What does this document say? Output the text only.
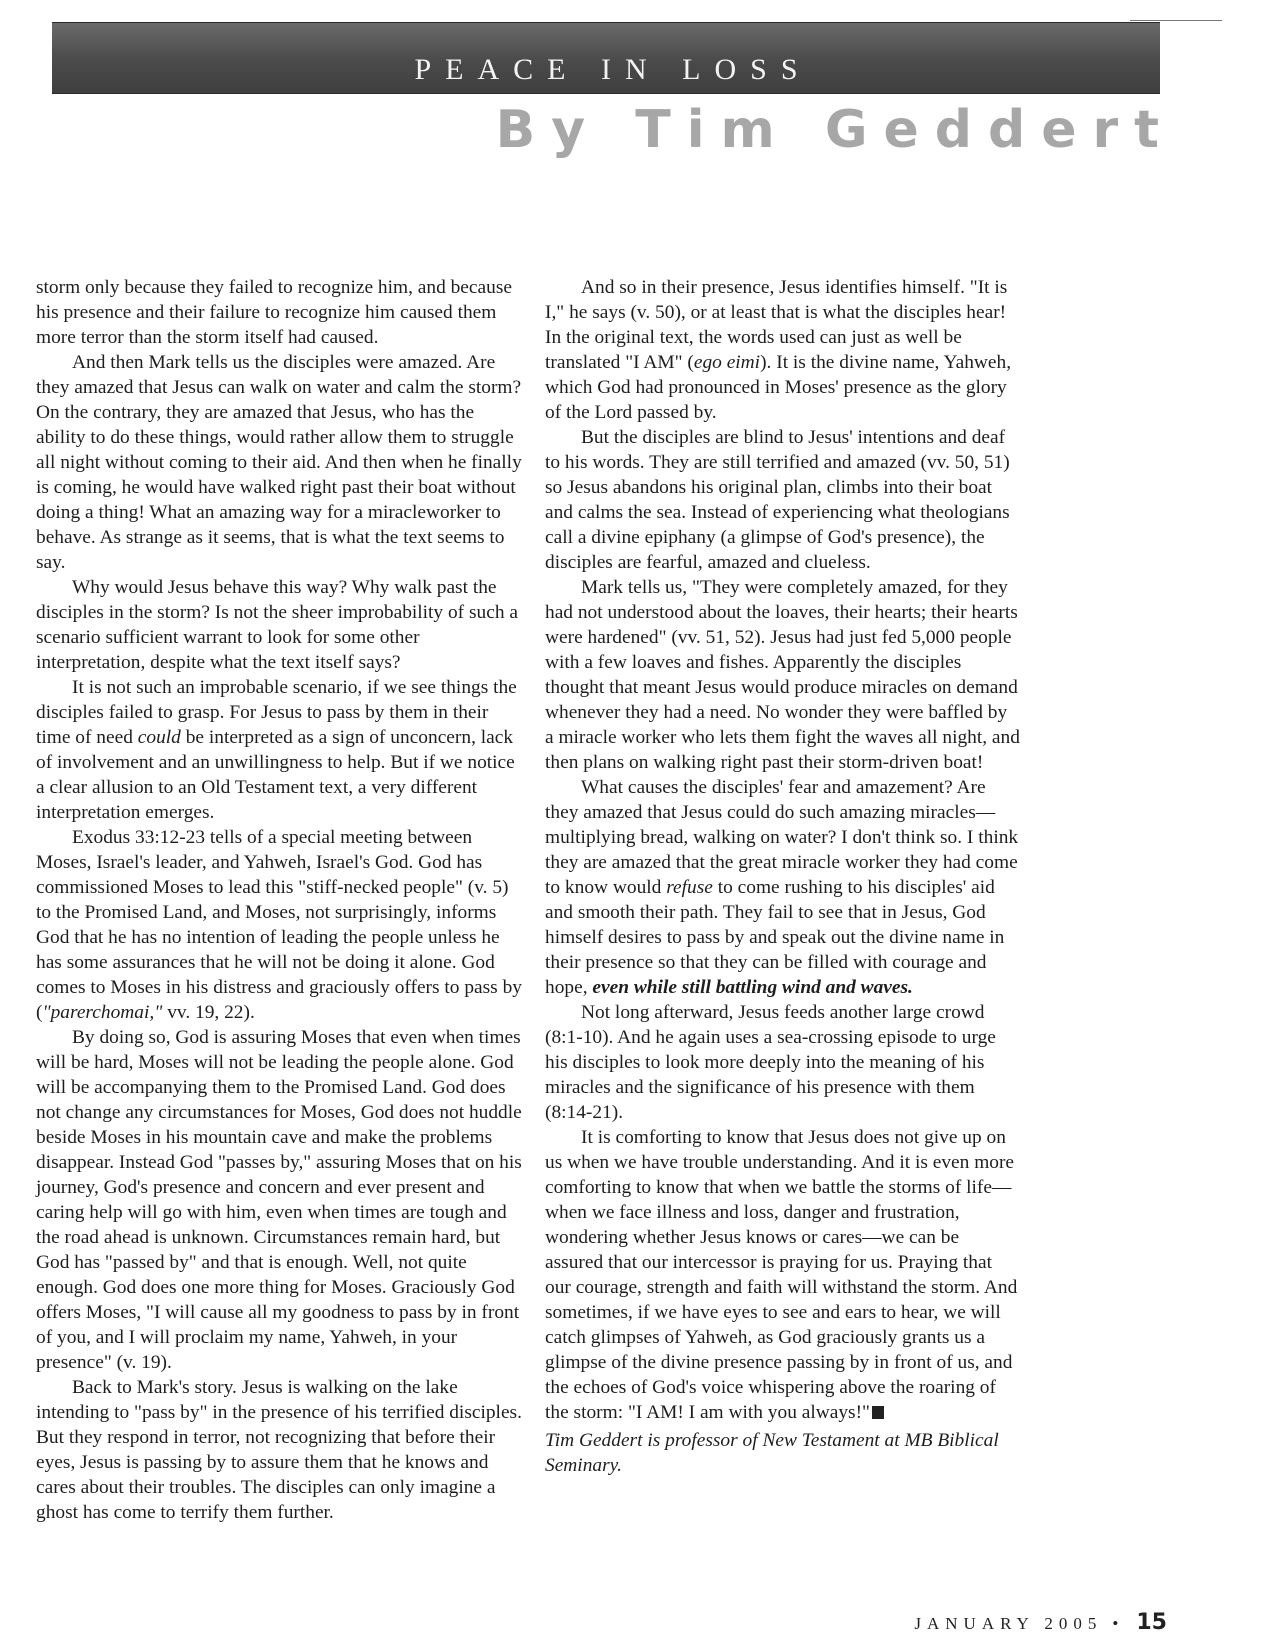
PEACE IN LOSS
By Tim Geddert

storm only because they failed to recognize him, and because his presence and their failure to recognize him caused them more terror than the storm itself had caused.

And then Mark tells us the disciples were amazed. Are they amazed that Jesus can walk on water and calm the storm? On the contrary, they are amazed that Jesus, who has the ability to do these things, would rather allow them to struggle all night without coming to their aid. And then when he finally is coming, he would have walked right past their boat without doing a thing! What an amazing way for a miracleworker to behave. As strange as it seems, that is what the text seems to say.

Why would Jesus behave this way? Why walk past the disciples in the storm? Is not the sheer improbability of such a scenario sufficient warrant to look for some other interpretation, despite what the text itself says?

It is not such an improbable scenario, if we see things the disciples failed to grasp. For Jesus to pass by them in their time of need could be interpreted as a sign of unconcern, lack of involvement and an unwillingness to help. But if we notice a clear allusion to an Old Testament text, a very different interpretation emerges.

Exodus 33:12-23 tells of a special meeting between Moses, Israel's leader, and Yahweh, Israel's God. God has commissioned Moses to lead this "stiff-necked people" (v. 5) to the Promised Land, and Moses, not surprisingly, informs God that he has no intention of leading the people unless he has some assurances that he will not be doing it alone. God comes to Moses in his distress and graciously offers to pass by ("parerchomai," vv. 19, 22).

By doing so, God is assuring Moses that even when times will be hard, Moses will not be leading the people alone. God will be accompanying them to the Promised Land. God does not change any circumstances for Moses, God does not huddle beside Moses in his mountain cave and make the problems disappear. Instead God "passes by," assuring Moses that on his journey, God's presence and concern and ever present and caring help will go with him, even when times are tough and the road ahead is unknown. Circumstances remain hard, but God has "passed by" and that is enough. Well, not quite enough. God does one more thing for Moses. Graciously God offers Moses, "I will cause all my goodness to pass by in front of you, and I will proclaim my name, Yahweh, in your presence" (v. 19).

Back to Mark's story. Jesus is walking on the lake intending to "pass by" in the presence of his terrified disciples. But they respond in terror, not recognizing that before their eyes, Jesus is passing by to assure them that he knows and cares about their troubles. The disciples can only imagine a ghost has come to terrify them further.

And so in their presence, Jesus identifies himself. "It is I," he says (v. 50), or at least that is what the disciples hear! In the original text, the words used can just as well be translated "I AM" (ego eimi). It is the divine name, Yahweh, which God had pronounced in Moses' presence as the glory of the Lord passed by.

But the disciples are blind to Jesus' intentions and deaf to his words. They are still terrified and amazed (vv. 50, 51) so Jesus abandons his original plan, climbs into their boat and calms the sea. Instead of experiencing what theologians call a divine epiphany (a glimpse of God's presence), the disciples are fearful, amazed and clueless.

Mark tells us, "They were completely amazed, for they had not understood about the loaves, their hearts; their hearts were hardened" (vv. 51, 52). Jesus had just fed 5,000 people with a few loaves and fishes. Apparently the disciples thought that meant Jesus would produce miracles on demand whenever they had a need. No wonder they were baffled by a miracle worker who lets them fight the waves all night, and then plans on walking right past their storm-driven boat!

What causes the disciples' fear and amazement? Are they amazed that Jesus could do such amazing miracles—multiplying bread, walking on water? I don't think so. I think they are amazed that the great miracle worker they had come to know would refuse to come rushing to his disciples' aid and smooth their path. They fail to see that in Jesus, God himself desires to pass by and speak out the divine name in their presence so that they can be filled with courage and hope, even while still battling wind and waves.

Not long afterward, Jesus feeds another large crowd (8:1-10). And he again uses a sea-crossing episode to urge his disciples to look more deeply into the meaning of his miracles and the significance of his presence with them (8:14-21).

It is comforting to know that Jesus does not give up on us when we have trouble understanding. And it is even more comforting to know that when we battle the storms of life— when we face illness and loss, danger and frustration, wondering whether Jesus knows or cares—we can be assured that our intercessor is praying for us. Praying that our courage, strength and faith will withstand the storm. And sometimes, if we have eyes to see and ears to hear, we will catch glimpses of Yahweh, as God graciously grants us a glimpse of the divine presence passing by in front of us, and the echoes of God's voice whispering above the roaring of the storm: "I AM! I am with you always!"

Tim Geddert is professor of New Testament at MB Biblical Seminary.

JANUARY 2005 • 15
